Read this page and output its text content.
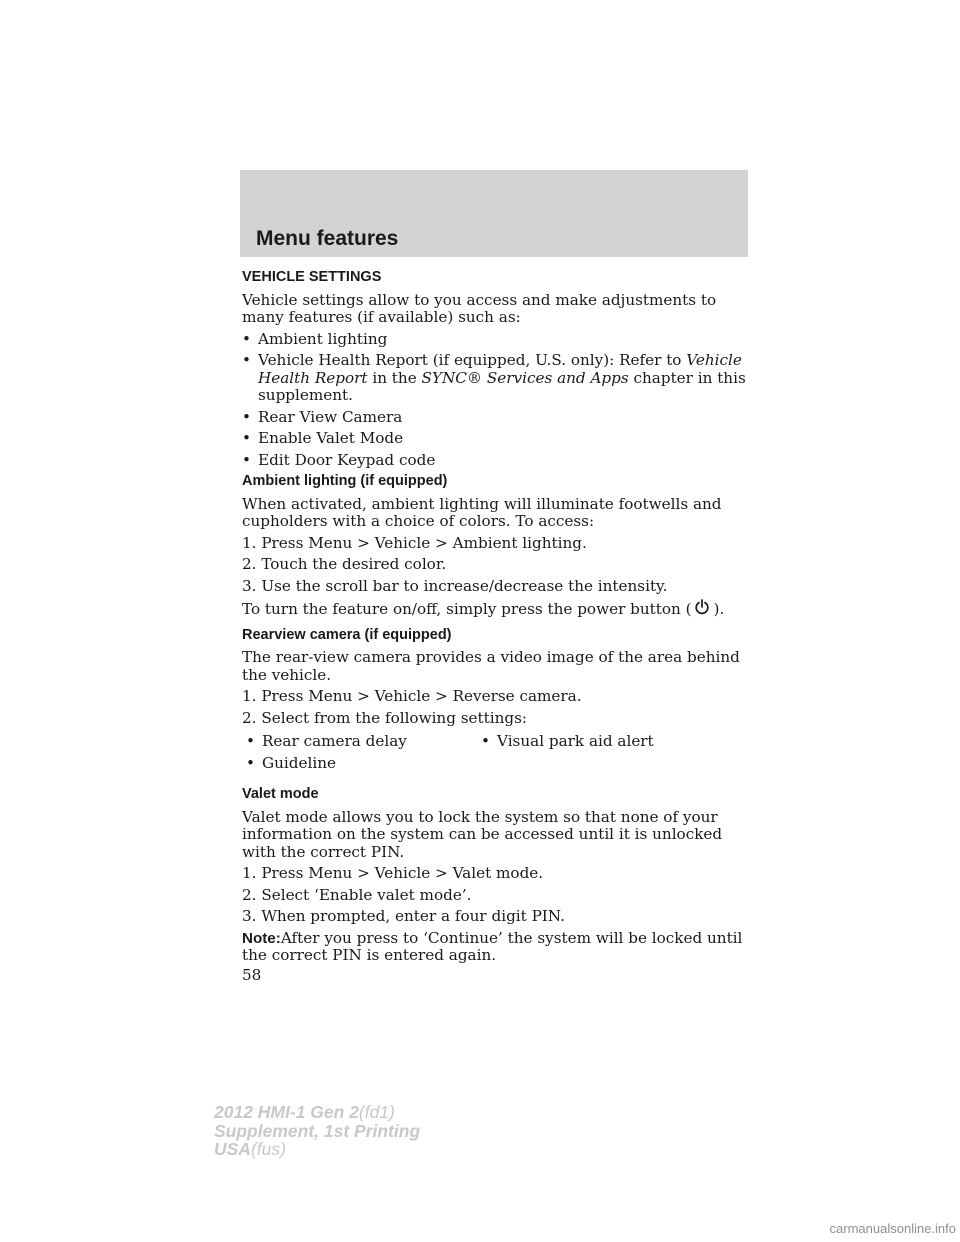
Menu features
VEHICLE SETTINGS
Vehicle settings allow to you access and make adjustments to many features (if available) such as:
• Ambient lighting
• Vehicle Health Report (if equipped, U.S. only): Refer to Vehicle Health Report in the SYNC® Services and Apps chapter in this supplement.
• Rear View Camera
• Enable Valet Mode
• Edit Door Keypad code
Ambient lighting (if equipped)
When activated, ambient lighting will illuminate footwells and cupholders with a choice of colors. To access:
1. Press Menu > Vehicle > Ambient lighting.
2. Touch the desired color.
3. Use the scroll bar to increase/decrease the intensity.
To turn the feature on/off, simply press the power button ( ).
Rearview camera (if equipped)
The rear-view camera provides a video image of the area behind the vehicle.
1. Press Menu > Vehicle > Reverse camera.
2. Select from the following settings:
• Rear camera delay
• Guideline
• Visual park aid alert
Valet mode
Valet mode allows you to lock the system so that none of your information on the system can be accessed until it is unlocked with the correct PIN.
1. Press Menu > Vehicle > Valet mode.
2. Select ‘Enable valet mode’.
3. When prompted, enter a four digit PIN.
Note:After you press to ‘Continue’ the system will be locked until the correct PIN is entered again.
58
2012 HMI-1 Gen 2(fd1)
Supplement, 1st Printing
USA(fus)
carmanualsonline.info
